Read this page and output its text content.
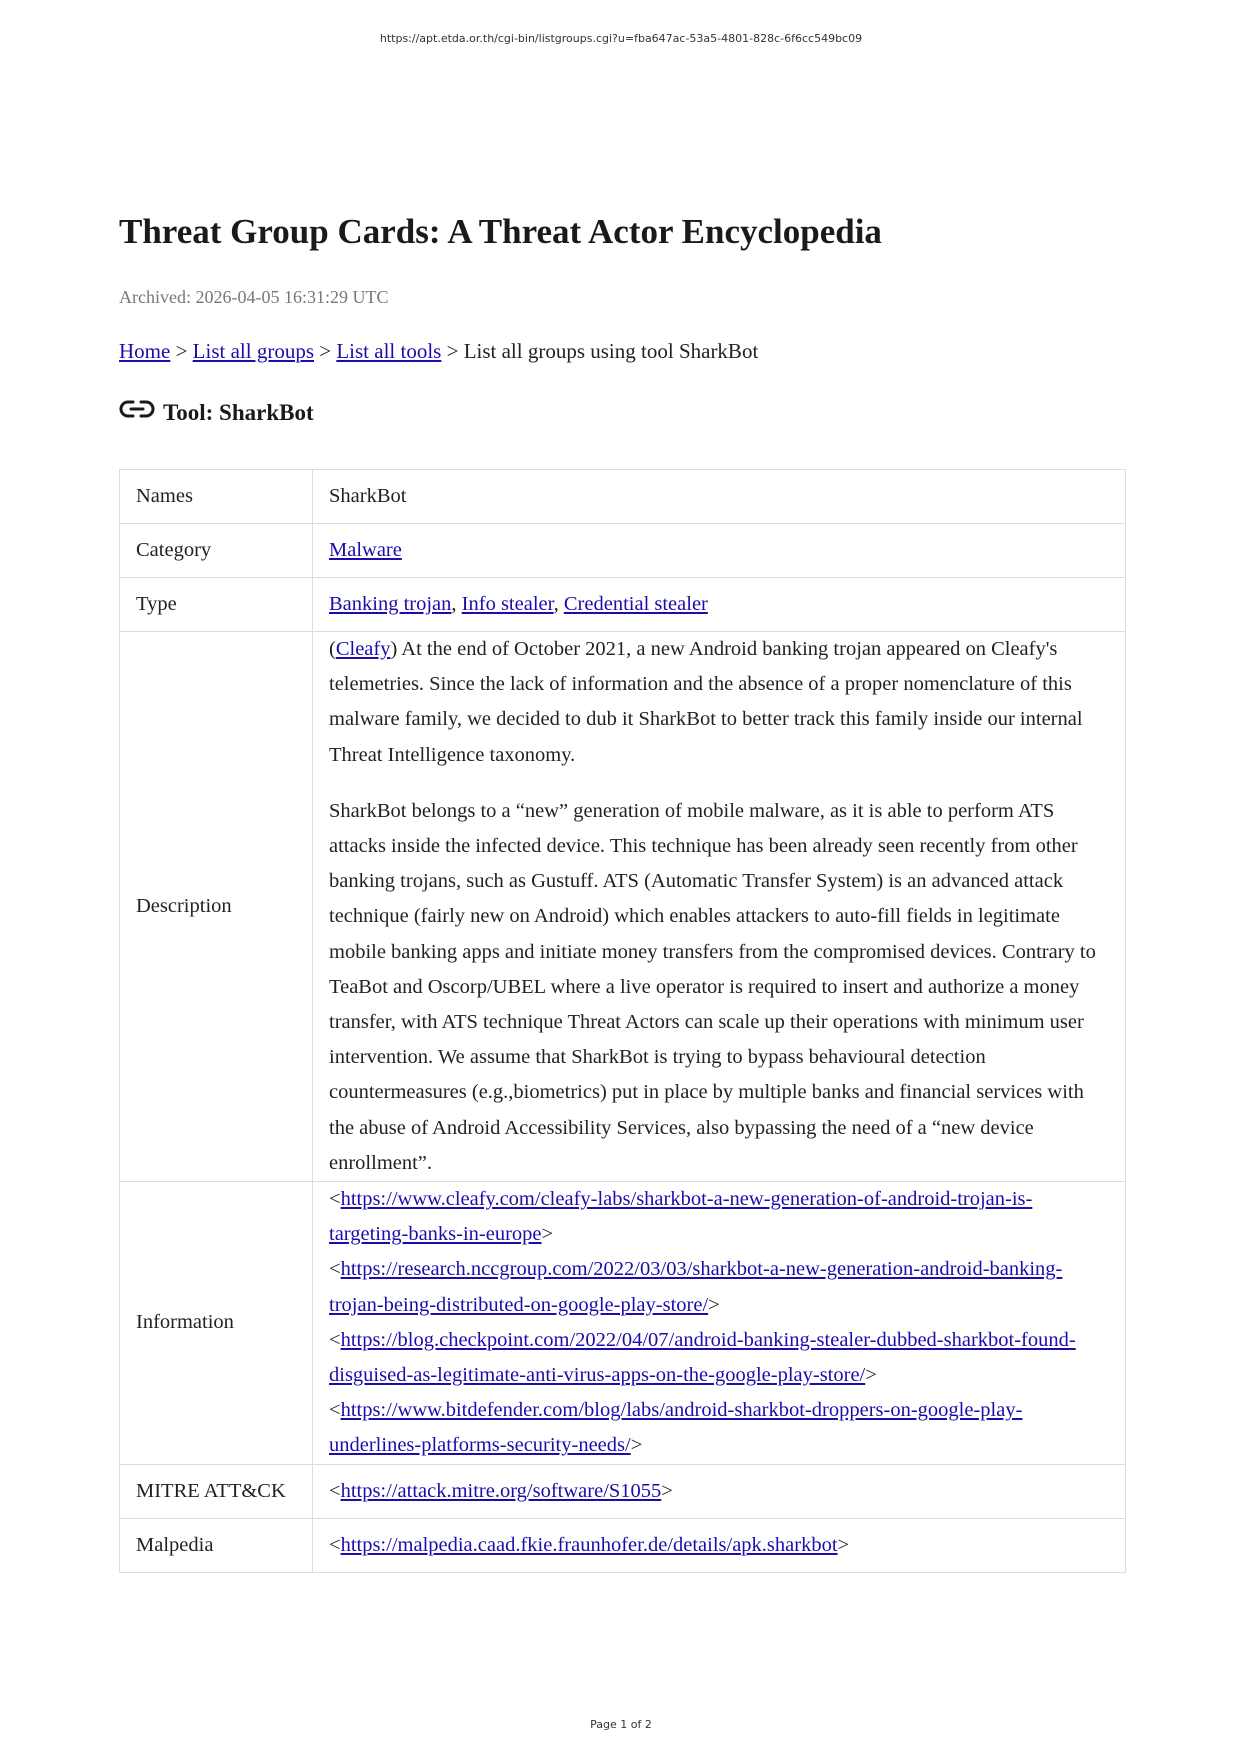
https://apt.etda.or.th/cgi-bin/listgroups.cgi?u=fba647ac-53a5-4801-828c-6f6cc549bc09
Threat Group Cards: A Threat Actor Encyclopedia
Archived: 2026-04-05 16:31:29 UTC
Home > List all groups > List all tools > List all groups using tool SharkBot
Tool: SharkBot
Names	SharkBot
Category	Malware
Type	Banking trojan, Info stealer, Credential stealer
Description	(Cleafy) At the end of October 2021, a new Android banking trojan appeared on Cleafy's telemetries. Since the lack of information and the absence of a proper nomenclature of this malware family, we decided to dub it SharkBot to better track this family inside our internal Threat Intelligence taxonomy.

SharkBot belongs to a “new” generation of mobile malware, as it is able to perform ATS attacks inside the infected device. This technique has been already seen recently from other banking trojans, such as Gustuff. ATS (Automatic Transfer System) is an advanced attack technique (fairly new on Android) which enables attackers to auto-fill fields in legitimate mobile banking apps and initiate money transfers from the compromised devices. Contrary to TeaBot and Oscorp/UBEL where a live operator is required to insert and authorize a money transfer, with ATS technique Threat Actors can scale up their operations with minimum user intervention. We assume that SharkBot is trying to bypass behavioural detection countermeasures (e.g.,biometrics) put in place by multiple banks and financial services with the abuse of Android Accessibility Services, also bypassing the need of a “new device enrollment”.

Information	<https://www.cleafy.com/cleafy-labs/sharkbot-a-new-generation-of-android-trojan-is-targeting-banks-in-europe>
<https://research.nccgroup.com/2022/03/03/sharkbot-a-new-generation-android-banking-trojan-being-distributed-on-google-play-store/>
<https://blog.checkpoint.com/2022/04/07/android-banking-stealer-dubbed-sharkbot-found-disguised-as-legitimate-anti-virus-apps-on-the-google-play-store/>
<https://www.bitdefender.com/blog/labs/android-sharkbot-droppers-on-google-play-underlines-platforms-security-needs/>

MITRE ATT&CK	<https://attack.mitre.org/software/S1055>
Malpedia	<https://malpedia.caad.fkie.fraunhofer.de/details/apk.sharkbot>
Page 1 of 2
